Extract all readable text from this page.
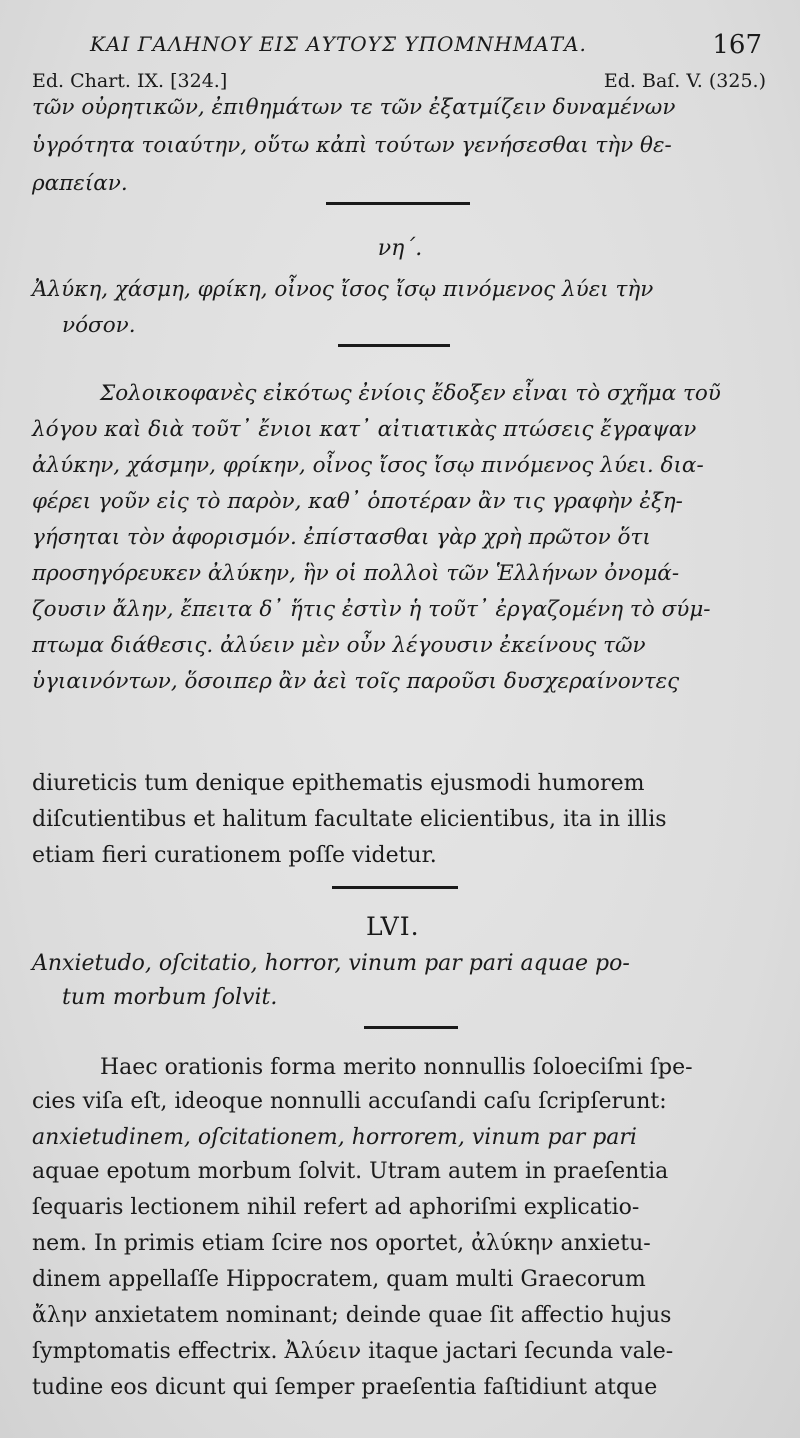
ΚΑΙ ΓΑΛΗΝΟΥ ΕΙΣ ΑΥΤΟΥΣ ΥΠΟΜΝΗΜΑΤΑ.	167
Ed. Chart. IX. [324.]	Ed. Baſ. V. (325.)
τῶν οὐρητικῶν, ἐπιθημάτων τε τῶν ἐξατμίζειν δυναμένων
ὑγρότητα τοιαύτην, οὕτω κἀπὶ τούτων γενήσεσθαι τὴν θε-
ραπείαν.
νη΄.
Ἀλύκη, χάσμη, φρίκη, οἶνος ἴσος ἴσῳ πινόμενος λύει τὴν
νόσον.
Σολοικοφανὲς εἰκότως ἐνίοις ἔδοξεν εἶναι τὸ σχῆμα τοῦ
λόγου καὶ διὰ τοῦτ᾽ ἔνιοι κατ᾽ αἰτιατικὰς πτώσεις ἔγραψαν
ἀλύκην, χάσμην, φρίκην, οἶνος ἴσος ἴσῳ πινόμενος λύει. δια-
φέρει γοῦν εἰς τὸ παρὸν, καθ᾽ ὁποτέραν ἂν τις γραφὴν ἐξη-
γήσηται τὸν ἀφορισμόν. ἐπίστασθαι γὰρ χρὴ πρῶτον ὅτι
προσηγόρευκεν ἀλύκην, ἣν οἱ πολλοὶ τῶν Ἑλλήνων ὀνομά-
ζουσιν ἄλην, ἔπειτα δ᾽ ἥτις ἐστὶν ἡ τοῦτ᾽ ἐργαζομένη τὸ σύμ-
πτωμα διάθεσις. ἀλύειν μὲν οὖν λέγουσιν ἐκείνους τῶν
ὑγιαινόντων, ὅσοιπερ ἂν ἀεὶ τοῖς παροῦσι δυσχεραίνοντες
diureticis tum denique epithematis ejusmodi humorem
diſcutientibus et halitum facultate elicientibus, ita in illis
etiam fieri curationem poſſe videtur.
LVI.
Anxietudo, oſcitatio, horror, vinum par pari aquae po-
tum morbum ſolvit.
Haec orationis forma merito nonnullis ſoloeciſmi ſpe-
cies viſa eſt, ideoque nonnulli accuſandi caſu ſcripſerunt:
anxietudinem, oſcitationem, horrorem, vinum par pari
aquae epotum morbum ſolvit. Utram autem in praeſentia
ſequaris lectionem nihil refert ad aphoriſmi explicatio-
nem. In primis etiam ſcire nos oportet, ἀλύκην anxietu-
dinem appellaſſe Hippocratem, quam multi Graecorum
ἄλην anxietatem nominant; deinde quae ſit affectio hujus
ſymptomatis effectrix. Ἀλύειν itaque jactari ſecunda vale-
tudine eos dicunt qui ſemper praeſentia faſtidiunt atque
